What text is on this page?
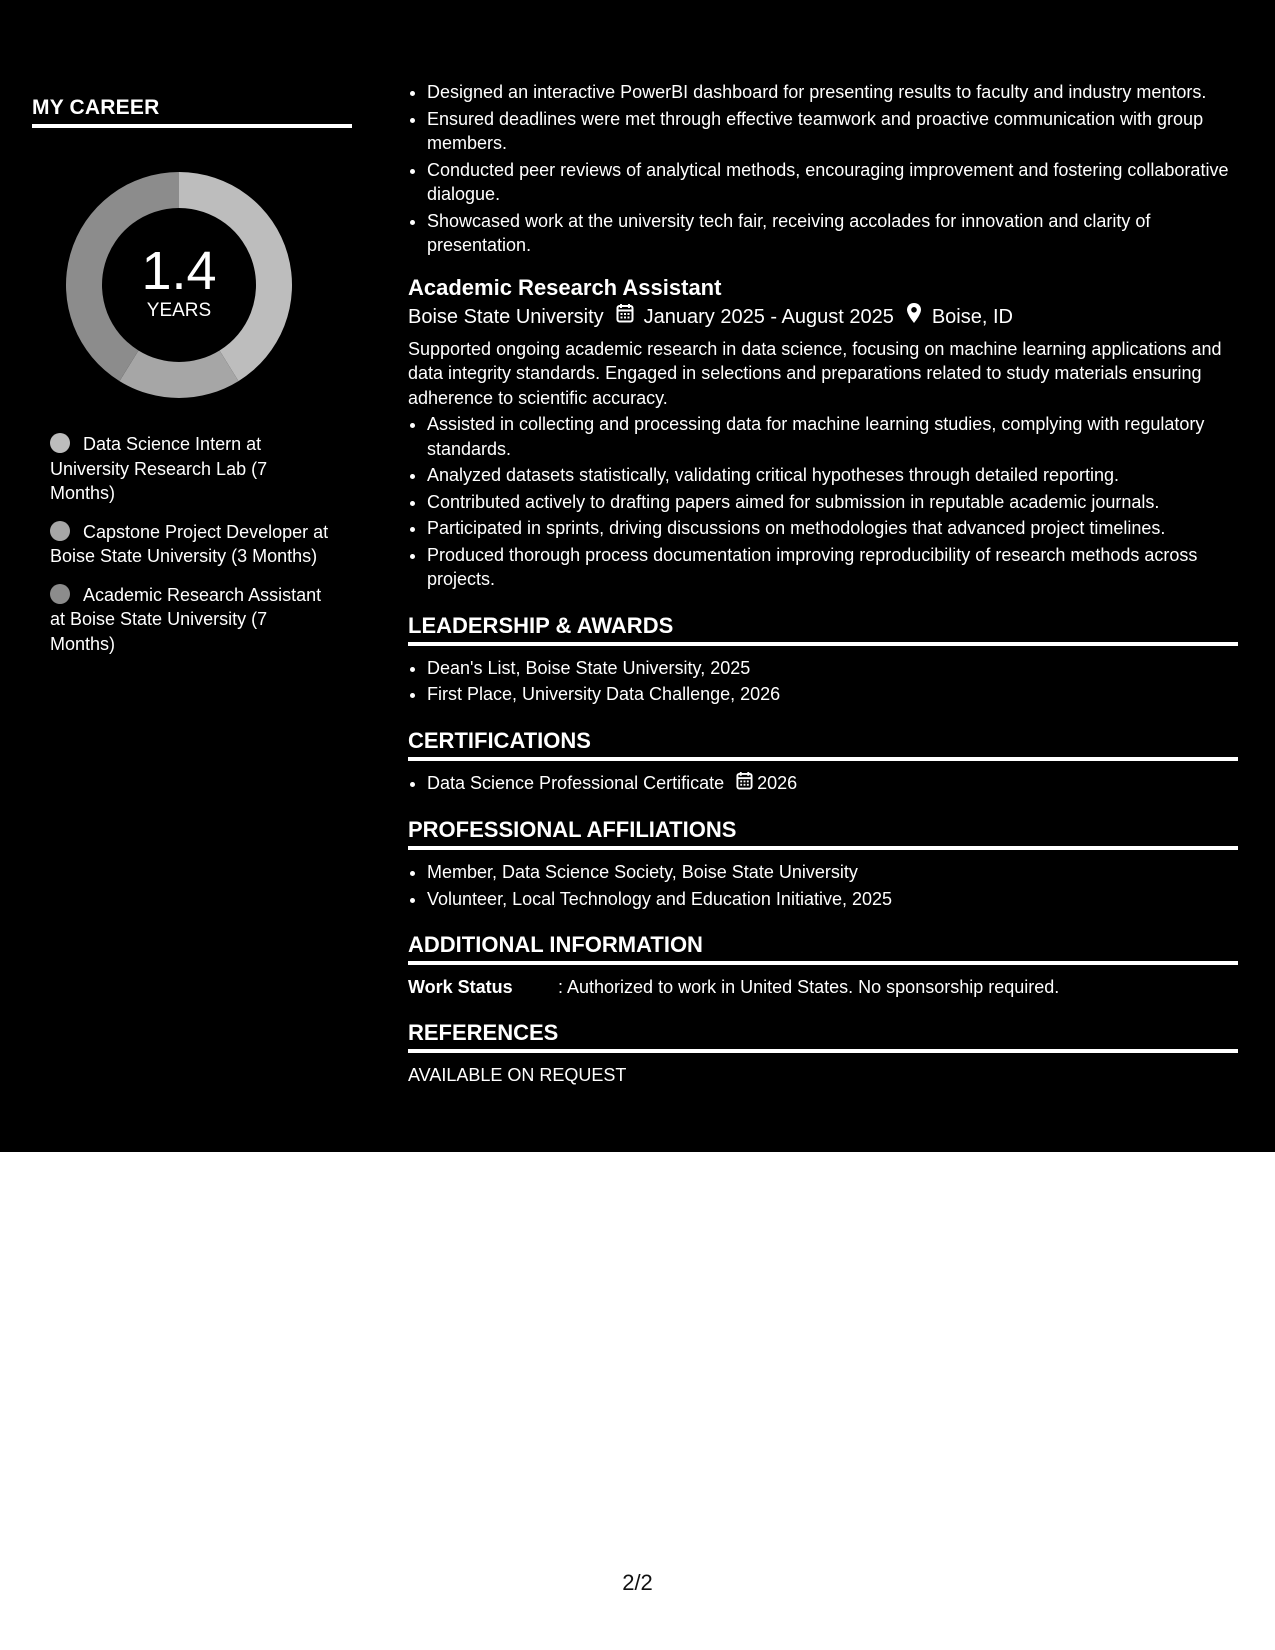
MY CAREER
1.4
YEARS
Data Science Intern at University Research Lab (7 Months)
Capstone Project Developer at Boise State University (3 Months)
Academic Research Assistant at Boise State University (7 Months)
• Designed an interactive PowerBI dashboard for presenting results to faculty and industry mentors.
• Ensured deadlines were met through effective teamwork and proactive communication with group members.
• Conducted peer reviews of analytical methods, encouraging improvement and fostering collaborative dialogue.
• Showcased work at the university tech fair, receiving accolades for innovation and clarity of presentation.
Academic Research Assistant
Boise State University January 2025 - August 2025 Boise, ID
Supported ongoing academic research in data science, focusing on machine learning applications and data integrity standards. Engaged in selections and preparations related to study materials ensuring adherence to scientific accuracy.
• Assisted in collecting and processing data for machine learning studies, complying with regulatory standards.
• Analyzed datasets statistically, validating critical hypotheses through detailed reporting.
• Contributed actively to drafting papers aimed for submission in reputable academic journals.
• Participated in sprints, driving discussions on methodologies that advanced project timelines.
• Produced thorough process documentation improving reproducibility of research methods across projects.
LEADERSHIP & AWARDS
• Dean's List, Boise State University, 2025
• First Place, University Data Challenge, 2026
CERTIFICATIONS
• Data Science Professional Certificate 2026
PROFESSIONAL AFFILIATIONS
• Member, Data Science Society, Boise State University
• Volunteer, Local Technology and Education Initiative, 2025
ADDITIONAL INFORMATION
Work Status	: Authorized to work in United States. No sponsorship required.
REFERENCES
AVAILABLE ON REQUEST
2/2
